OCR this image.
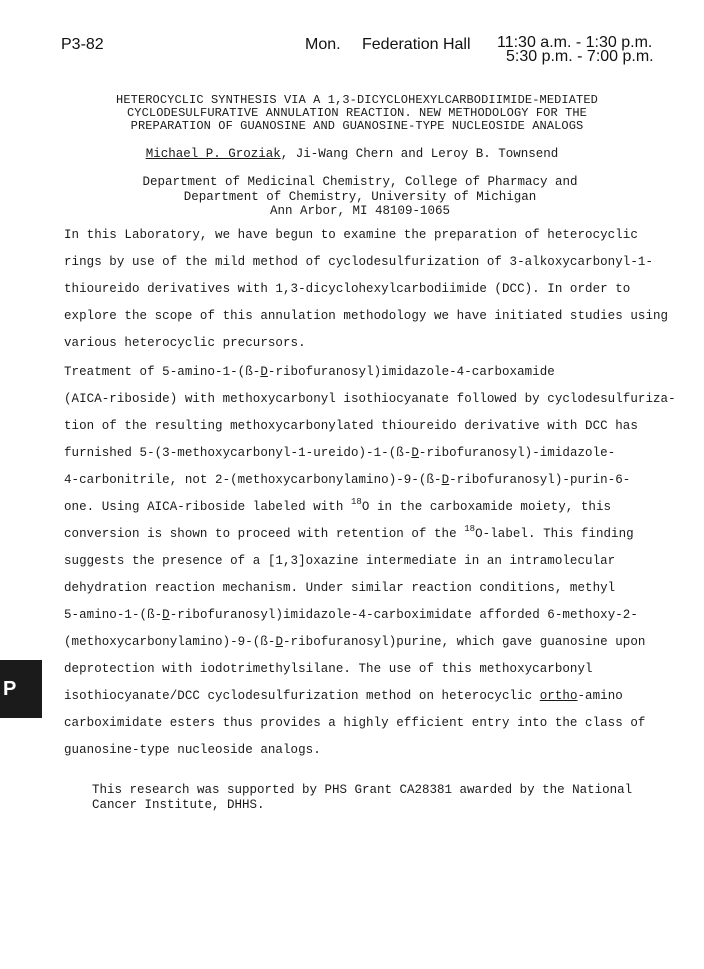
P3-82	Mon. Federation Hall 11:30 a.m. - 1:30 p.m.
5:30 p.m. - 7:00 p.m.
HETEROCYCLIC SYNTHESIS VIA A 1,3-DICYCLOHEXYLCARBODIIMIDE-MEDIATED
CYCLODESULFURATIVE ANNULATION REACTION. NEW METHODOLOGY FOR THE
PREPARATION OF GUANOSINE AND GUANOSINE-TYPE NUCLEOSIDE ANALOGS
Michael P. Groziak, Ji-Wang Chern and Leroy B. Townsend
Department of Medicinal Chemistry, College of Pharmacy and
Department of Chemistry, University of Michigan
Ann Arbor, MI 48109-1065
In this Laboratory, we have begun to examine the preparation of heterocyclic
rings by use of the mild method of cyclodesulfurization of 3-alkoxycarbonyl-1-
thioureido derivatives with 1,3-dicyclohexylcarbodiimide (DCC). In order to
explore the scope of this annulation methodology we have initiated studies using
various heterocyclic precursors.
Treatment of 5-amino-1-(ß-D-ribofuranosyl)imidazole-4-carboxamide
(AICA-riboside) with methoxycarbonyl isothiocyanate followed by cyclodesulfuriza-
tion of the resulting methoxycarbonylated thioureido derivative with DCC has
furnished 5-(3-methoxycarbonyl-1-ureido)-1-(ß-D-ribofuranosyl)-imidazole-
4-carbonitrile, not 2-(methoxycarbonylamino)-9-(ß-D-ribofuranosyl)-purin-6-
one. Using AICA-riboside labeled with $^{18}$O in the carboxamide moiety, this
conversion is shown to proceed with retention of the $^{18}$O-label. This finding
suggests the presence of a [1,3]oxazine intermediate in an intramolecular
dehydration reaction mechanism. Under similar reaction conditions, methyl
5-amino-1-(ß-D-ribofuranosyl)imidazole-4-carboximidate afforded 6-methoxy-2-
(methoxycarbonylamino)-9-(ß-D-ribofuranosyl)purine, which gave guanosine upon
deprotection with iodotrimethylsilane. The use of this methoxycarbonyl
isothiocyanate/DCC cyclodesulfurization method on heterocyclic ortho-amino
carboximidate esters thus provides a highly efficient entry into the class of
guanosine-type nucleoside analogs.
This research was supported by PHS Grant CA28381 awarded by the National
Cancer Institute, DHHS.
P
